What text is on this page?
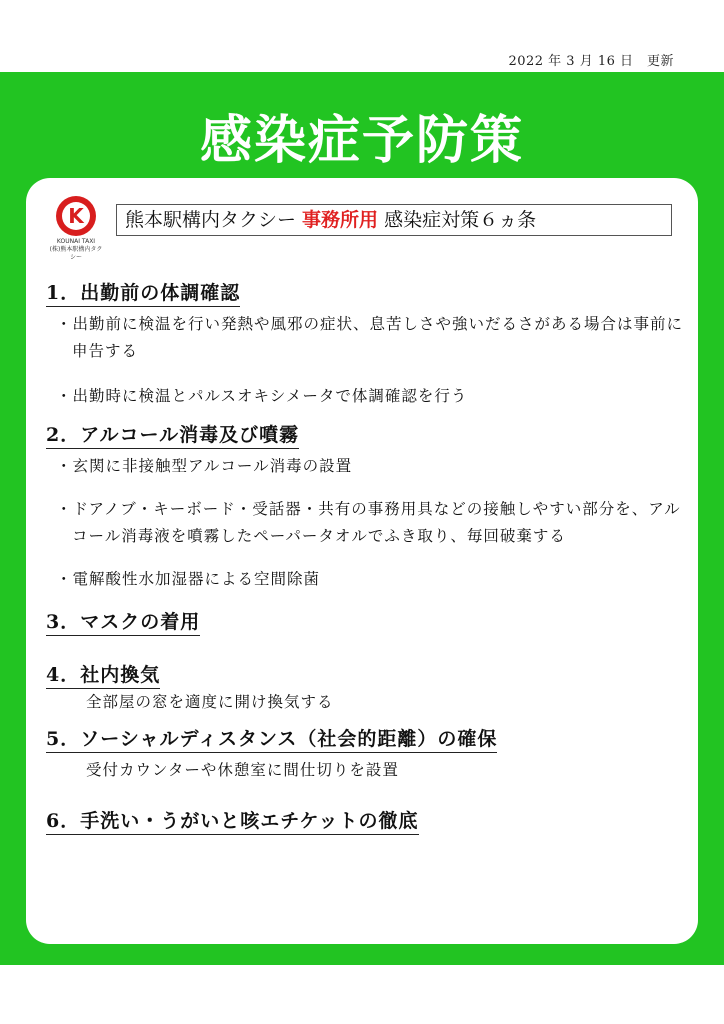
2022 年 3 月 16 日　更新
感染症予防策
K
KOUNAI TAXI
(株)熊本駅構内タクシー
熊本駅構内タクシー 事務所用 感染症対策６ヵ条
1．出勤前の体調確認
・出勤前に検温を行い発熱や風邪の症状、息苦しさや強いだるさがある場合は事前に申告する
・出勤時に検温とパルスオキシメータで体調確認を行う
2．アルコール消毒及び噴霧
・玄関に非接触型アルコール消毒の設置
・ドアノブ・キーボード・受話器・共有の事務用具などの接触しやすい部分を、アルコール消毒液を噴霧したペーパータオルでふき取り、毎回破棄する
・電解酸性水加湿器による空間除菌
3．マスクの着用
4．社内換気
全部屋の窓を適度に開け換気する
5．ソーシャルディスタンス（社会的距離）の確保
受付カウンターや休憩室に間仕切りを設置
6．手洗い・うがいと咳エチケットの徹底
